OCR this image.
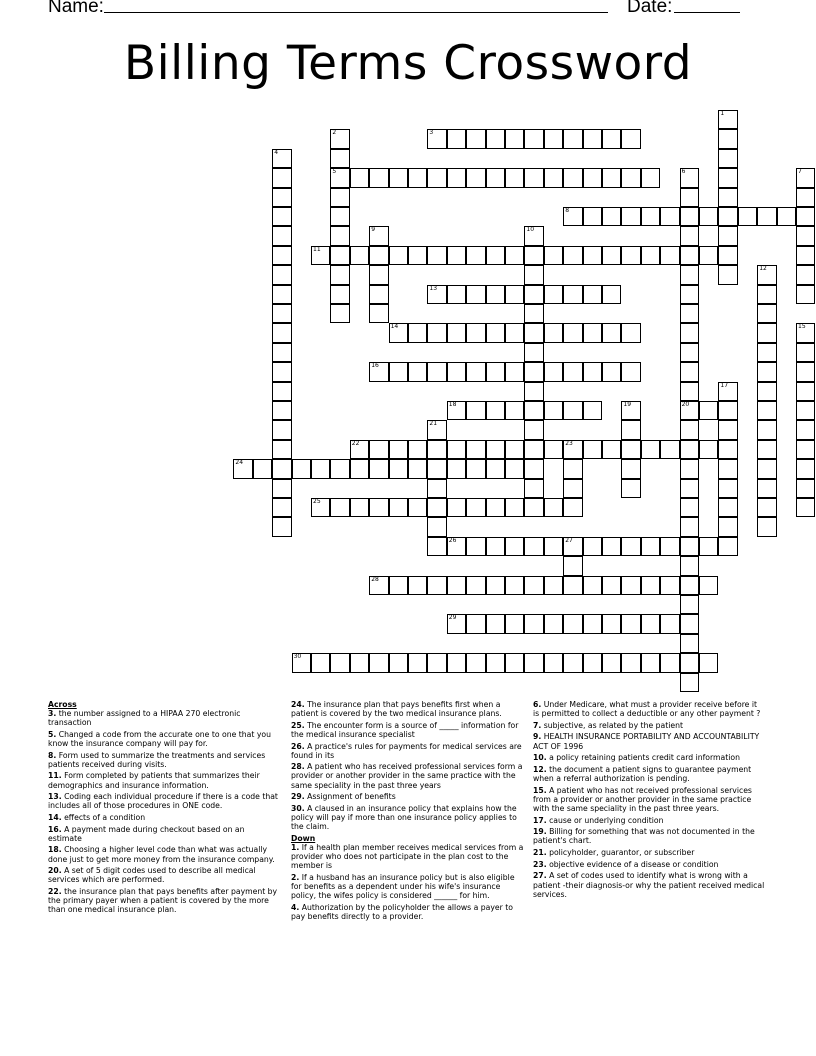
Name:	Date:
Billing Terms Crossword
1
2
5
3
4
6
20
7
8
9	10
11
12
13
14	15
16
17
18	19
21
22	23
24
25
26	27
28
29
30
Across
3. the number assigned to a HIPAA 270 electronic transaction
5. Changed a code from the accurate one to one that you know the insurance company will pay for.
8. Form used to summarize the treatments and services patients received during visits.
11. Form completed by patients that summarizes their demographics and insurance information.
13. Coding each individual procedure if there is a code that includes all of those procedures in ONE code.
14. effects of a condition
16. A payment made during checkout based on an estimate
18. Choosing a higher level code than what was actually done just to get more money from the insurance company.
20. A set of 5 digit codes used to describe all medical services which are performed.
22. the insurance plan that pays benefits after payment by the primary payer when a patient is covered by the more than one medical insurance plan.
24. The insurance plan that pays benefits first when a patient is covered by the two medical insurance plans.
25. The encounter form is a source of _____ information for the medical insurance specialist
26. A practice's rules for payments for medical services are found in its
28. A patient who has received professional services form a provider or another provider in the same practice with the same speciality in the past three years
29. Assignment of benefits
30. A claused in an insurance policy that explains how the policy will pay if more than one insurance policy applies to the claim.
Down
1. If a health plan member receives medical services from a provider who does not participate in the plan cost to the member is
2. If a husband has an insurance policy but is also eligible for benefits as a dependent under his wife's insurance policy, the wifes policy is considered ______ for him.
4. Authorization by the policyholder the allows a payer to pay benefits directly to a provider.
6. Under Medicare, what must a provider receive before it is permitted to collect a deductible or any other payment ?
7. subjective, as related by the patient
9. HEALTH INSURANCE PORTABILITY AND ACCOUNTABILITY ACT OF 1996
10. a policy retaining patients credit card information
12. the document a patient signs to guarantee payment when a referral authorization is pending.
15. A patient who has not received professional services from a provider or another provider in the same practice with the same speciality in the past three years.
17. cause or underlying condition
19. Billing for something that was not documented in the patient's chart.
21. policyholder, guarantor, or subscriber
23. objective evidence of a disease or condition
27. A set of codes used to identify what is wrong with a patient -their diagnosis-or why the patient received medical services.
